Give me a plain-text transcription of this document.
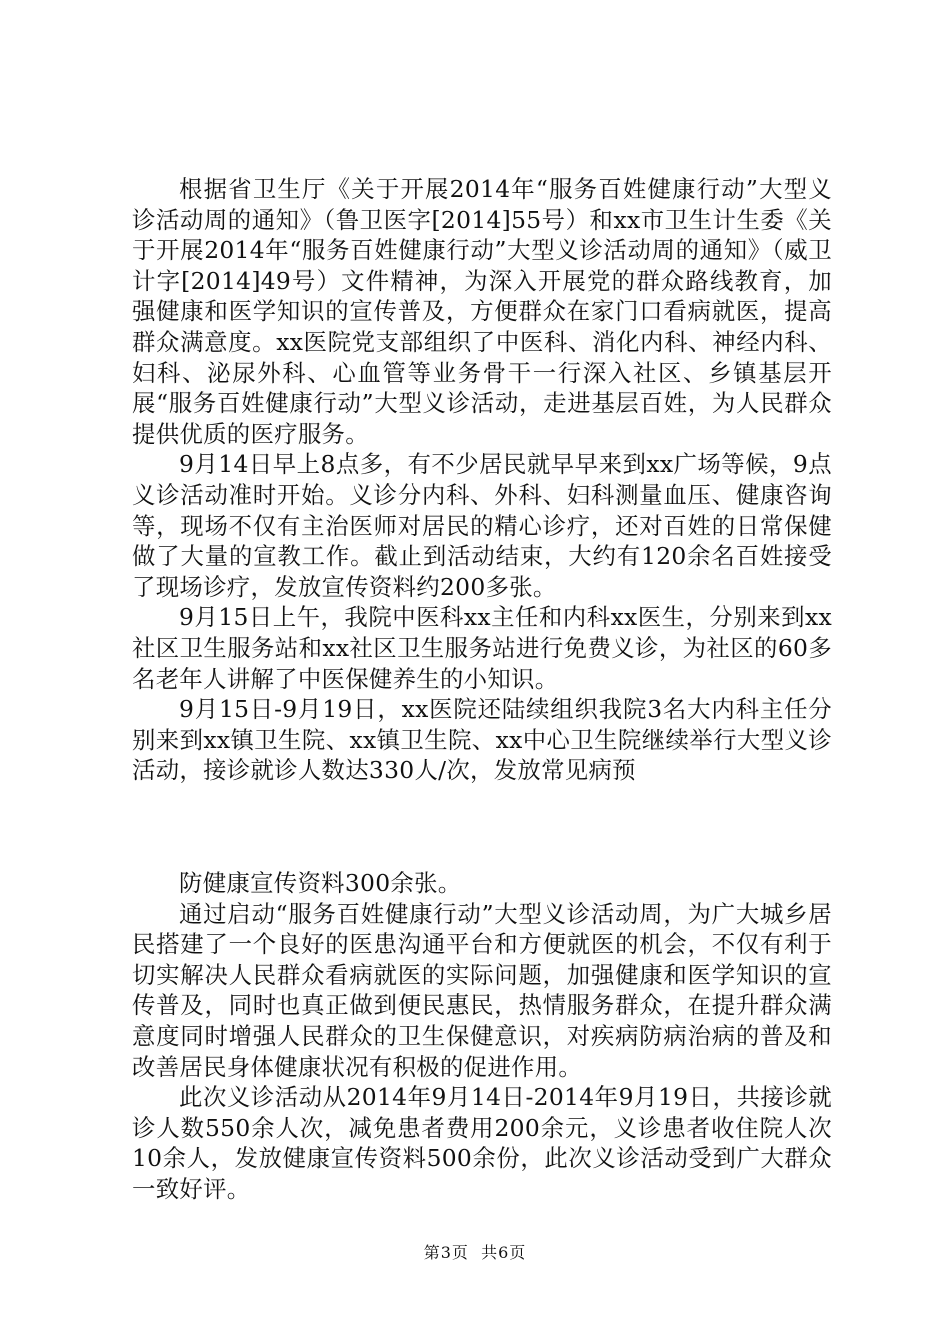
根据省卫生厅《关于开展2014年“服务百姓健康行动”大型义诊活动周的通知》（鲁卫医字[2014]55号）和xx市卫生计生委《关于开展2014年“服务百姓健康行动”大型义诊活动周的通知》（威卫计字[2014]49号）文件精神，为深入开展党的群众路线教育，加强健康和医学知识的宣传普及，方便群众在家门口看病就医，提高群众满意度。xx医院党支部组织了中医科、消化内科、神经内科、妇科、泌尿外科、心血管等业务骨干一行深入社区、乡镇基层开展“服务百姓健康行动”大型义诊活动，走进基层百姓，为人民群众提供优质的医疗服务。

9月14日早上8点多，有不少居民就早早来到xx广场等候，9点义诊活动准时开始。义诊分内科、外科、妇科测量血压、健康咨询等，现场不仅有主治医师对居民的精心诊疗，还对百姓的日常保健做了大量的宣教工作。截止到活动结束，大约有120余名百姓接受了现场诊疗，发放宣传资料约200多张。

9月15日上午，我院中医科xx主任和内科xx医生，分别来到xx社区卫生服务站和xx社区卫生服务站进行免费义诊，为社区的60多名老年人讲解了中医保健养生的小知识。

9月15日-9月19日，xx医院还陆续组织我院3名大内科主任分别来到xx镇卫生院、xx镇卫生院、xx中心卫生院继续举行大型义诊活动，接诊就诊人数达330人/次，发放常见病预

防健康宣传资料300余张。

通过启动“服务百姓健康行动”大型义诊活动周，为广大城乡居民搭建了一个良好的医患沟通平台和方便就医的机会，不仅有利于切实解决人民群众看病就医的实际问题，加强健康和医学知识的宣传普及，同时也真正做到便民惠民，热情服务群众，在提升群众满意度同时增强人民群众的卫生保健意识，对疾病防病治病的普及和改善居民身体健康状况有积极的促进作用。

此次义诊活动从2014年9月14日-2014年9月19日，共接诊就诊人数550余人次，减免患者费用200余元，义诊患者收住院人次10余人，发放健康宣传资料500余份，此次义诊活动受到广大群众一致好评。

第3页 共6页
